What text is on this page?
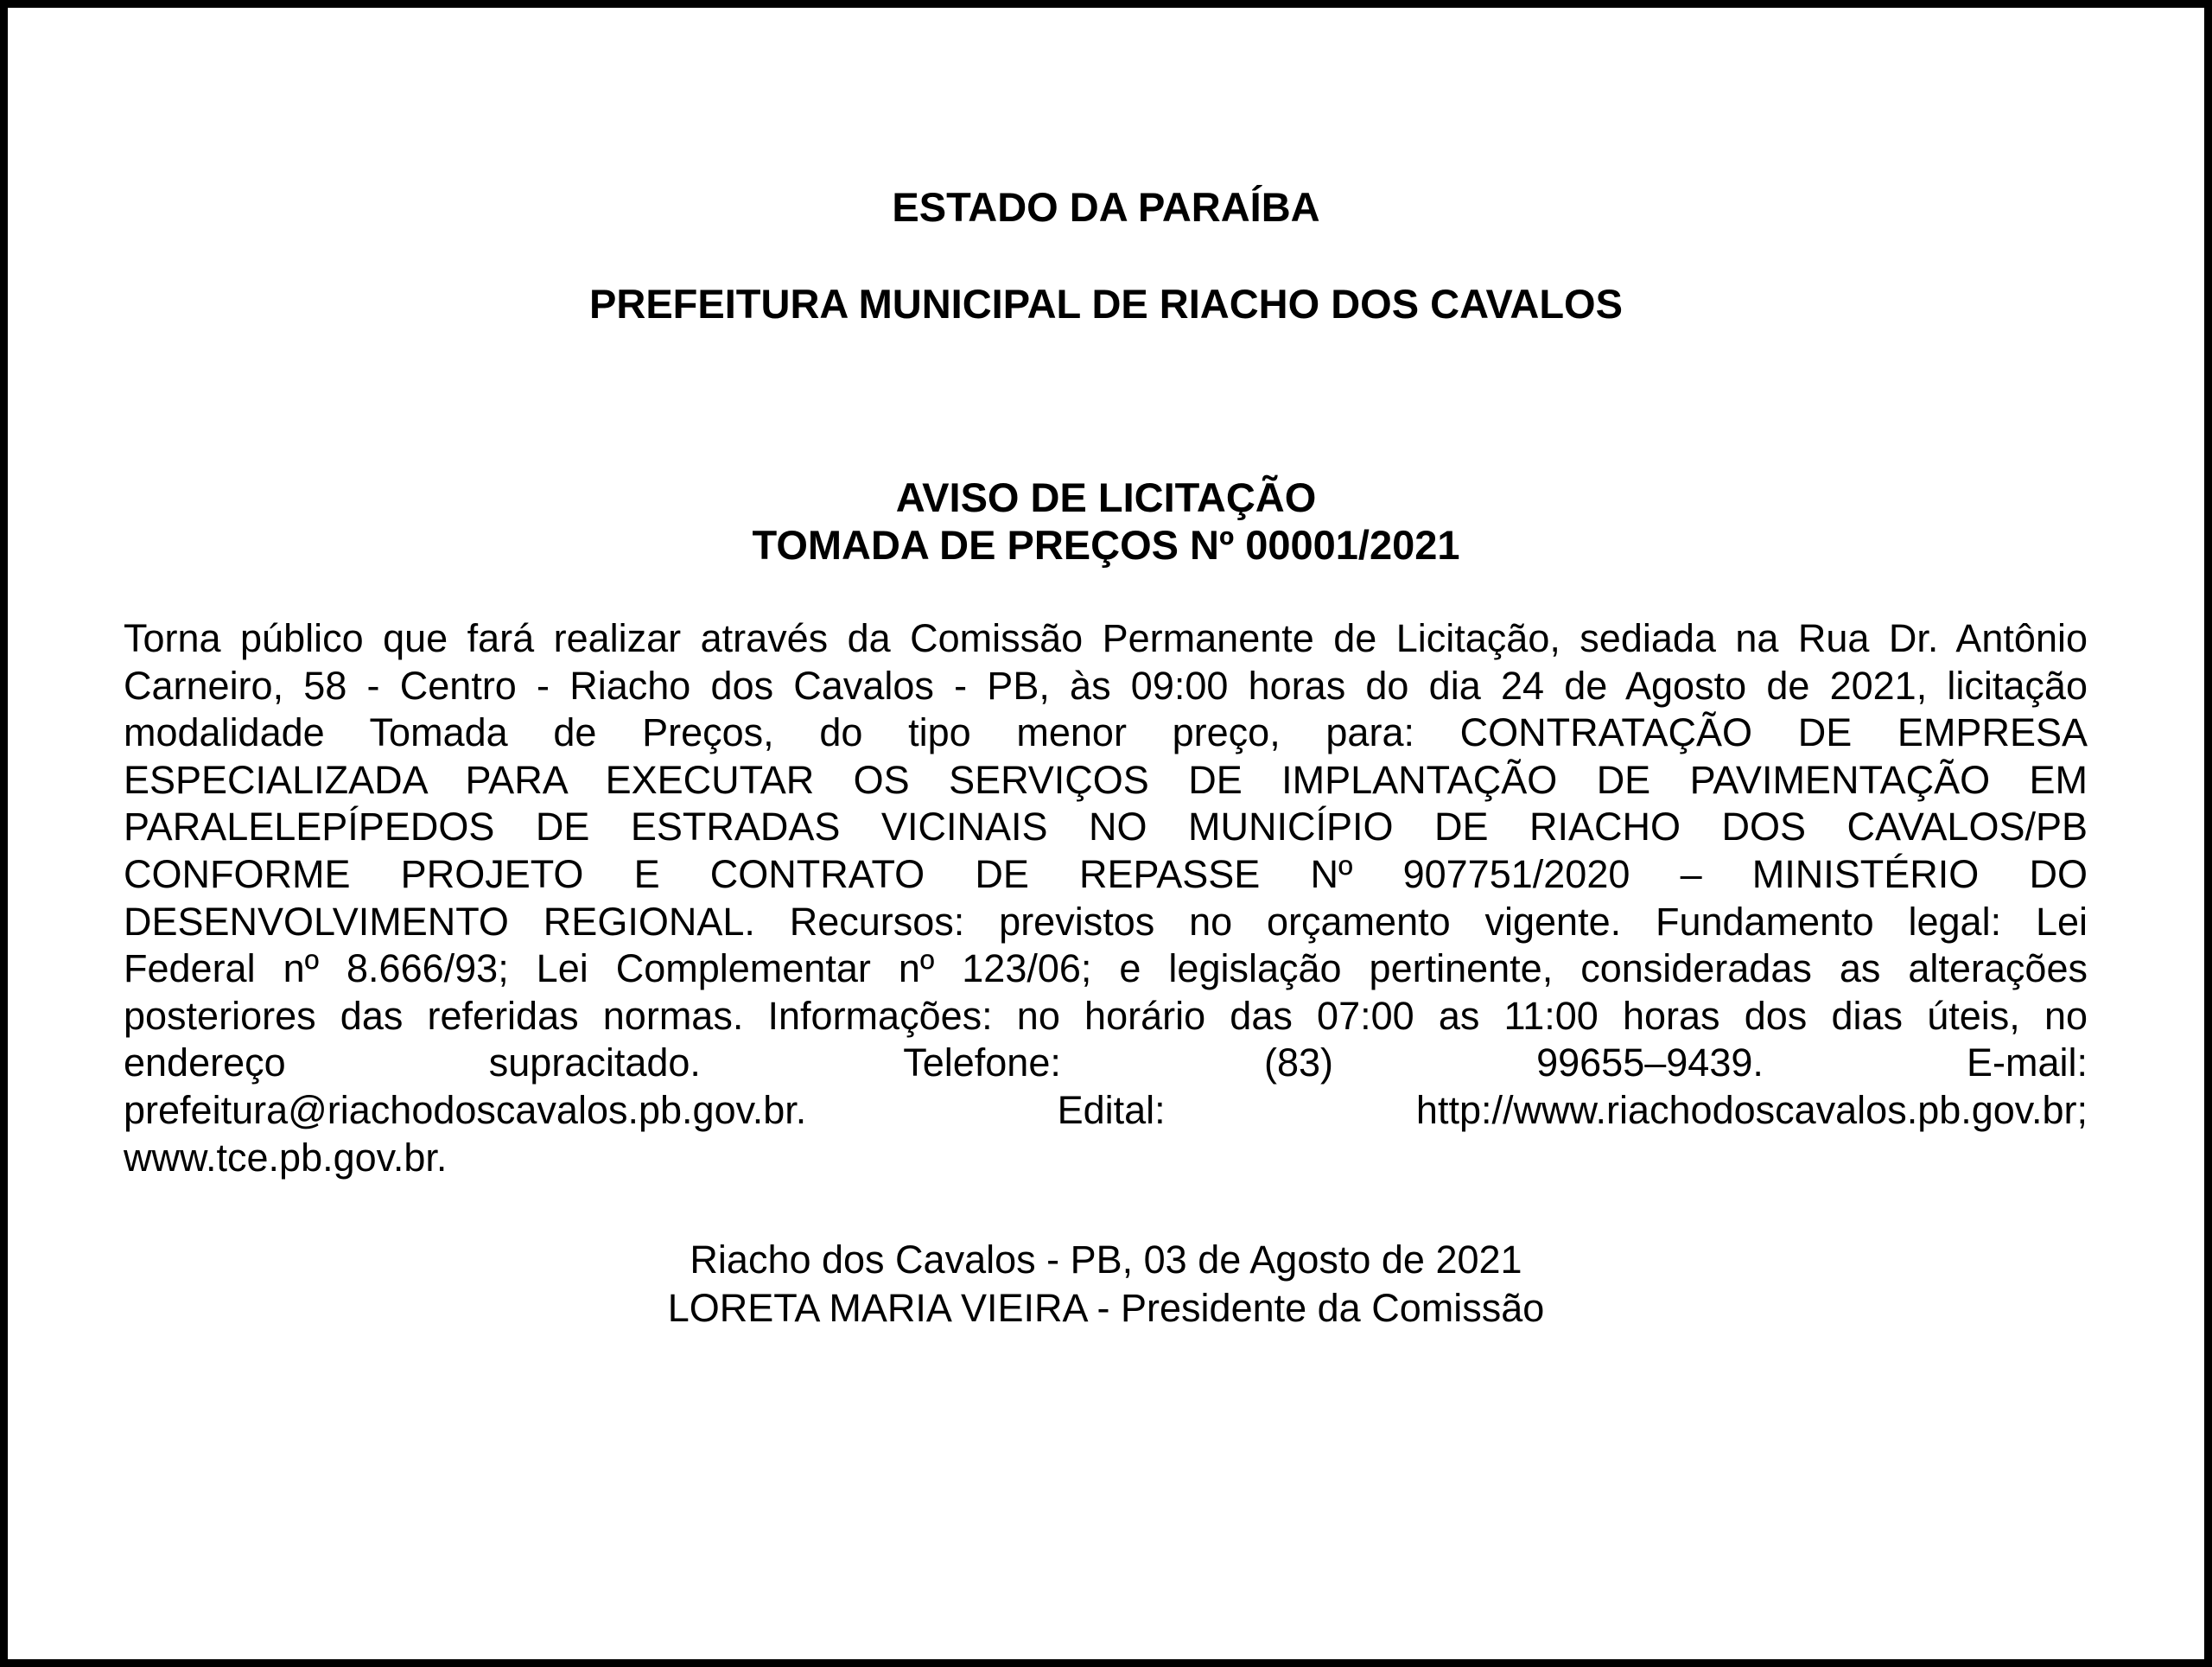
ESTADO DA PARAÍBA
PREFEITURA MUNICIPAL DE RIACHO DOS CAVALOS
AVISO DE LICITAÇÃO
TOMADA DE PREÇOS Nº 00001/2021
Torna público que fará realizar através da Comissão Permanente de Licitação, sediada na Rua Dr. Antônio
Carneiro, 58 - Centro - Riacho dos Cavalos - PB, às 09:00 horas do dia 24 de Agosto de 2021, licitação
modalidade Tomada de Preços, do tipo menor preço, para: CONTRATAÇÃO DE EMPRESA
ESPECIALIZADA PARA EXECUTAR OS SERVIÇOS DE IMPLANTAÇÃO DE PAVIMENTAÇÃO EM
PARALELEPÍPEDOS DE ESTRADAS VICINAIS NO MUNICÍPIO DE RIACHO DOS CAVALOS/PB
CONFORME PROJETO E CONTRATO DE REPASSE Nº 907751/2020 – MINISTÉRIO DO
DESENVOLVIMENTO REGIONAL. Recursos: previstos no orçamento vigente. Fundamento legal: Lei
Federal nº 8.666/93; Lei Complementar nº 123/06; e legislação pertinente, consideradas as alterações
posteriores das referidas normas. Informações: no horário das 07:00 as 11:00 horas dos dias úteis, no
endereço supracitado. Telefone: (83) 99655–9439. E-mail:
prefeitura@riachodoscavalos.pb.gov.br. Edital: http://www.riachodoscavalos.pb.gov.br;
www.tce.pb.gov.br.
Riacho dos Cavalos - PB, 03 de Agosto de 2021
LORETA MARIA VIEIRA - Presidente da Comissão
